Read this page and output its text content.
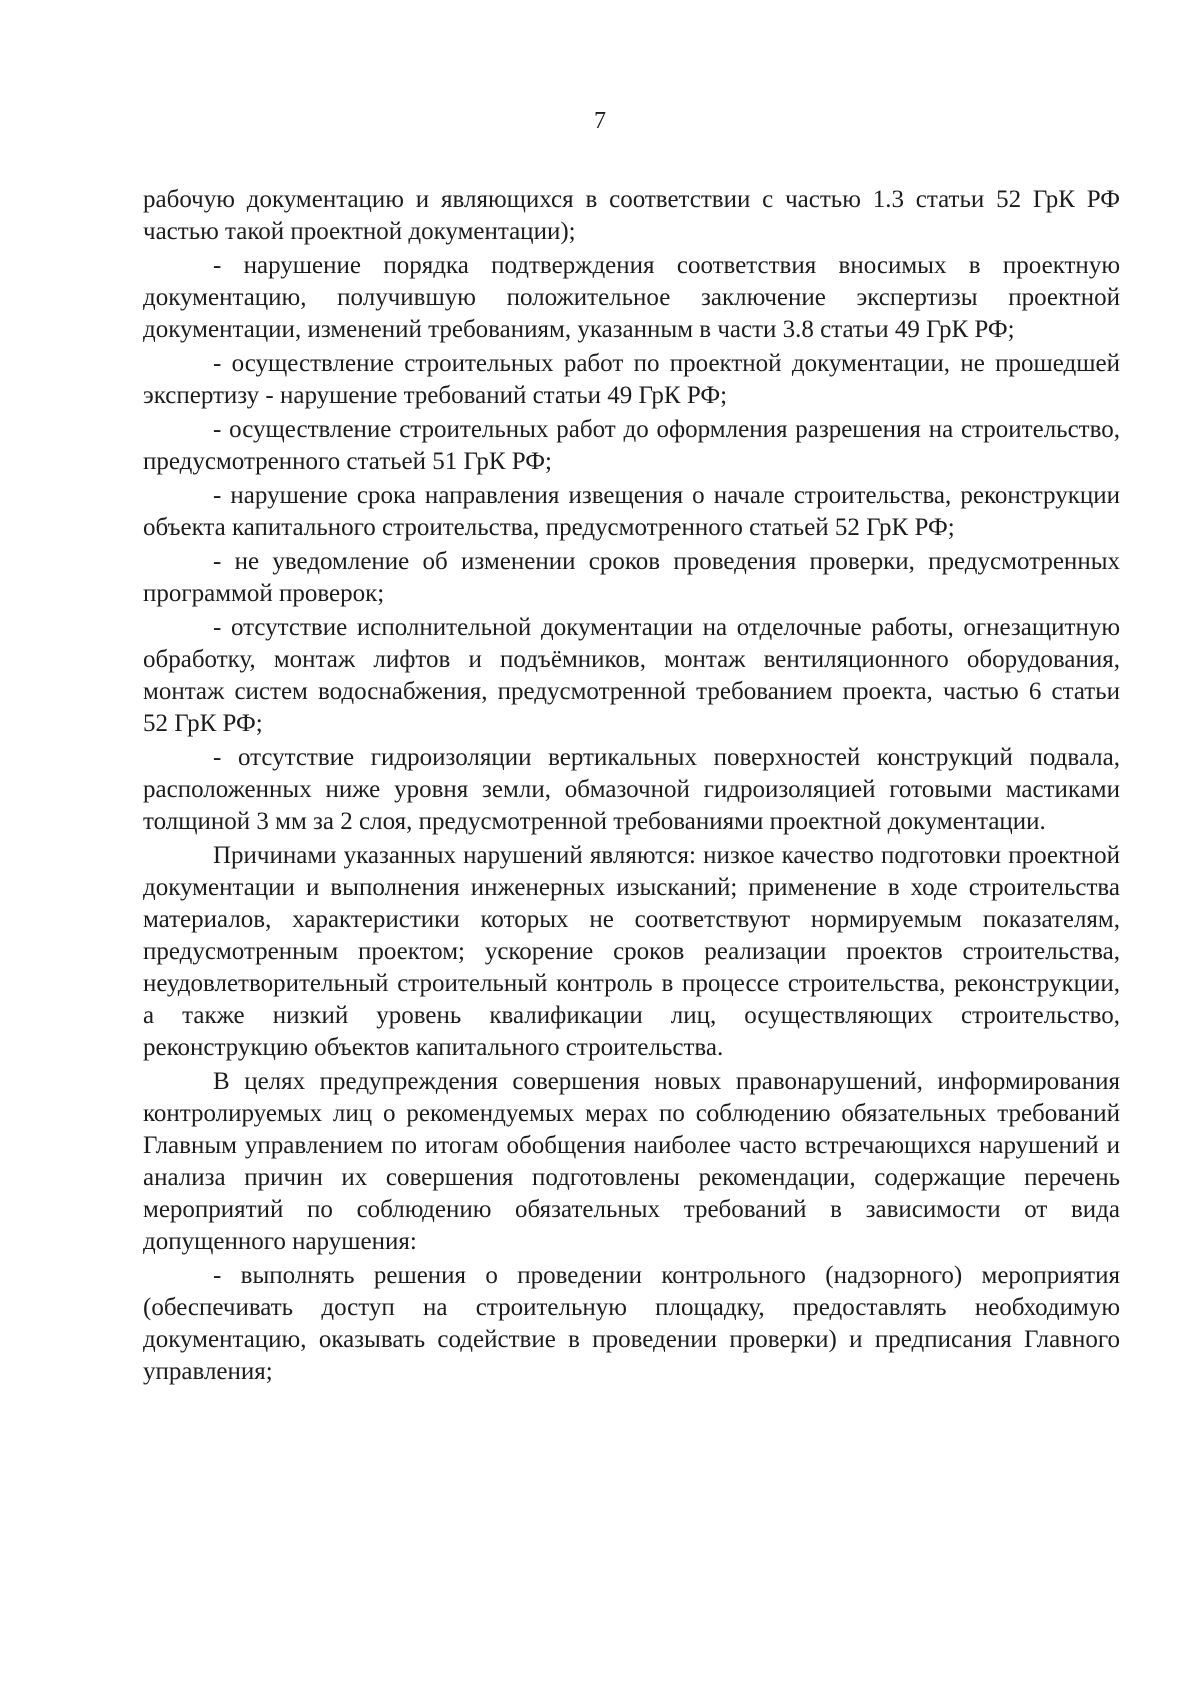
7

рабочую документацию и являющихся в соответствии с частью 1.3 статьи 52 ГрК РФ частью такой проектной документации);

- нарушение порядка подтверждения соответствия вносимых в проектную документацию, получившую положительное заключение экспертизы проектной документации, изменений требованиям, указанным в части 3.8 статьи 49 ГрК РФ;

- осуществление строительных работ по проектной документации, не прошедшей экспертизу - нарушение требований статьи 49 ГрК РФ;

- осуществление строительных работ до оформления разрешения на строительство, предусмотренного статьей 51 ГрК РФ;

- нарушение срока направления извещения о начале строительства, реконструкции объекта капитального строительства, предусмотренного статьей 52 ГрК РФ;

- не уведомление об изменении сроков проведения проверки, предусмотренных программой проверок;

- отсутствие исполнительной документации на отделочные работы, огнезащитную обработку, монтаж лифтов и подъёмников, монтаж вентиляционного оборудования, монтаж систем водоснабжения, предусмотренной требованием проекта, частью 6 статьи 52 ГрК РФ;

- отсутствие гидроизоляции вертикальных поверхностей конструкций подвала, расположенных ниже уровня земли, обмазочной гидроизоляцией готовыми мастиками толщиной 3 мм за 2 слоя, предусмотренной требованиями проектной документации.

Причинами указанных нарушений являются: низкое качество подготовки проектной документации и выполнения инженерных изысканий; применение в ходе строительства материалов, характеристики которых не соответствуют нормируемым показателям, предусмотренным проектом; ускорение сроков реализации проектов строительства, неудовлетворительный строительный контроль в процессе строительства, реконструкции, а также низкий уровень квалификации лиц, осуществляющих строительство, реконструкцию объектов капитального строительства.

В целях предупреждения совершения новых правонарушений, информирования контролируемых лиц о рекомендуемых мерах по соблюдению обязательных требований Главным управлением по итогам обобщения наиболее часто встречающихся нарушений и анализа причин их совершения подготовлены рекомендации, содержащие перечень мероприятий по соблюдению обязательных требований в зависимости от вида допущенного нарушения:

- выполнять решения о проведении контрольного (надзорного) мероприятия (обеспечивать доступ на строительную площадку, предоставлять необходимую документацию, оказывать содействие в проведении проверки) и предписания Главного управления;
